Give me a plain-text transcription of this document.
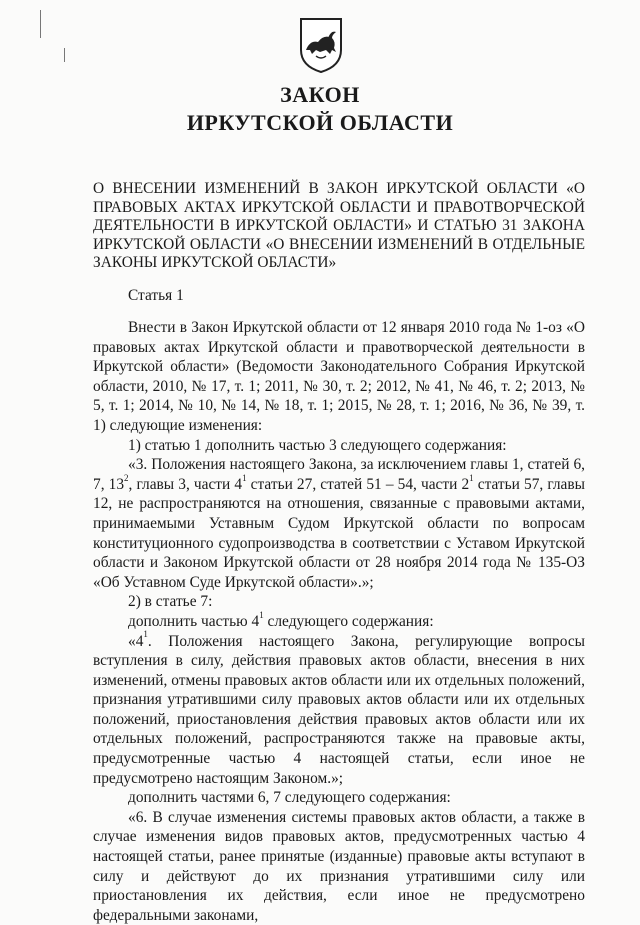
ЗАКОН
ИРКУТСКОЙ ОБЛАСТИ

О ВНЕСЕНИИ ИЗМЕНЕНИЙ В ЗАКОН ИРКУТСКОЙ ОБЛАСТИ «О ПРАВОВЫХ АКТАХ ИРКУТСКОЙ ОБЛАСТИ И ПРАВОТВОРЧЕСКОЙ ДЕЯТЕЛЬНОСТИ В ИРКУТСКОЙ ОБЛАСТИ» И СТАТЬЮ 31 ЗАКОНА ИРКУТСКОЙ ОБЛАСТИ «О ВНЕСЕНИИ ИЗМЕНЕНИЙ В ОТДЕЛЬНЫЕ ЗАКОНЫ ИРКУТСКОЙ ОБЛАСТИ»

Статья 1

Внести в Закон Иркутской области от 12 января 2010 года № 1-оз «О правовых актах Иркутской области и правотворческой деятельности в Иркутской области» (Ведомости Законодательного Собрания Иркутской области, 2010, № 17, т. 1; 2011, № 30, т. 2; 2012, № 41, № 46, т. 2; 2013, № 5, т. 1; 2014, № 10, № 14, № 18, т. 1; 2015, № 28, т. 1; 2016, № 36, № 39, т. 1) следующие изменения:

1) статью 1 дополнить частью 3 следующего содержания:

«3. Положения настоящего Закона, за исключением главы 1, статей 6, 7, $13^2$, главы 3, части $4^1$ статьи 27, статей 51 – 54, части $2^1$ статьи 57, главы 12, не распространяются на отношения, связанные с правовыми актами, принимаемыми Уставным Судом Иркутской области по вопросам конституционного судопроизводства в соответствии с Уставом Иркутской области и Законом Иркутской области от 28 ноября 2014 года № 135-ОЗ «Об Уставном Суде Иркутской области».»;

2) в статье 7:

дополнить частью $4^1$ следующего содержания:

«$4^1$. Положения настоящего Закона, регулирующие вопросы вступления в силу, действия правовых актов области, внесения в них изменений, отмены правовых актов области или их отдельных положений, признания утратившими силу правовых актов области или их отдельных положений, приостановления действия правовых актов области или их отдельных положений, распространяются также на правовые акты, предусмотренные частью 4 настоящей статьи, если иное не предусмотрено настоящим Законом.»;

дополнить частями 6, 7 следующего содержания:

«6. В случае изменения системы правовых актов области, а также в случае изменения видов правовых актов, предусмотренных частью 4 настоящей статьи, ранее принятые (изданные) правовые акты вступают в силу и действуют до их признания утратившими силу или приостановления их действия, если иное не предусмотрено федеральными законами,
